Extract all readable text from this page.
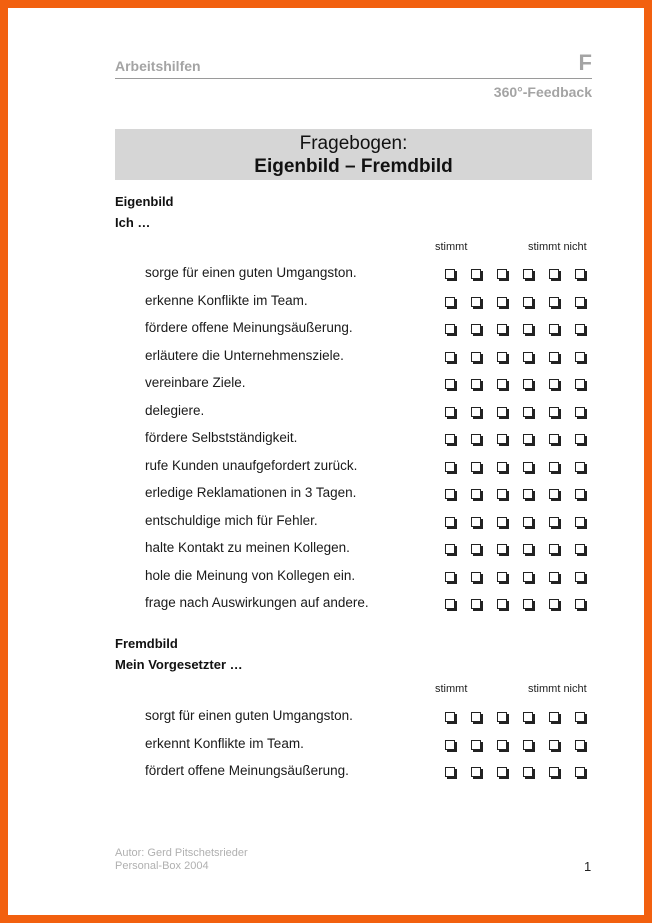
Arbeitshilfen	F
360°-Feedback
Fragebogen:
Eigenbild – Fremdbild
Eigenbild
Ich …
stimmt	stimmt nicht
sorge für einen guten Umgangston.
erkenne Konflikte im Team.
fördere offene Meinungsäußerung.
erläutere die Unternehmensziele.
vereinbare Ziele.
delegiere.
fördere Selbstständigkeit.
rufe Kunden unaufgefordert zurück.
erledige Reklamationen in 3 Tagen.
entschuldige mich für Fehler.
halte Kontakt zu meinen Kollegen.
hole die Meinung von Kollegen ein.
frage nach Auswirkungen auf andere.
Fremdbild
Mein Vorgesetzter …
stimmt	stimmt nicht
sorgt für einen guten Umgangston.
erkennt Konflikte im Team.
fördert offene Meinungsäußerung.
Autor: Gerd Pitschetsrieder
Personal-Box 2004	1
